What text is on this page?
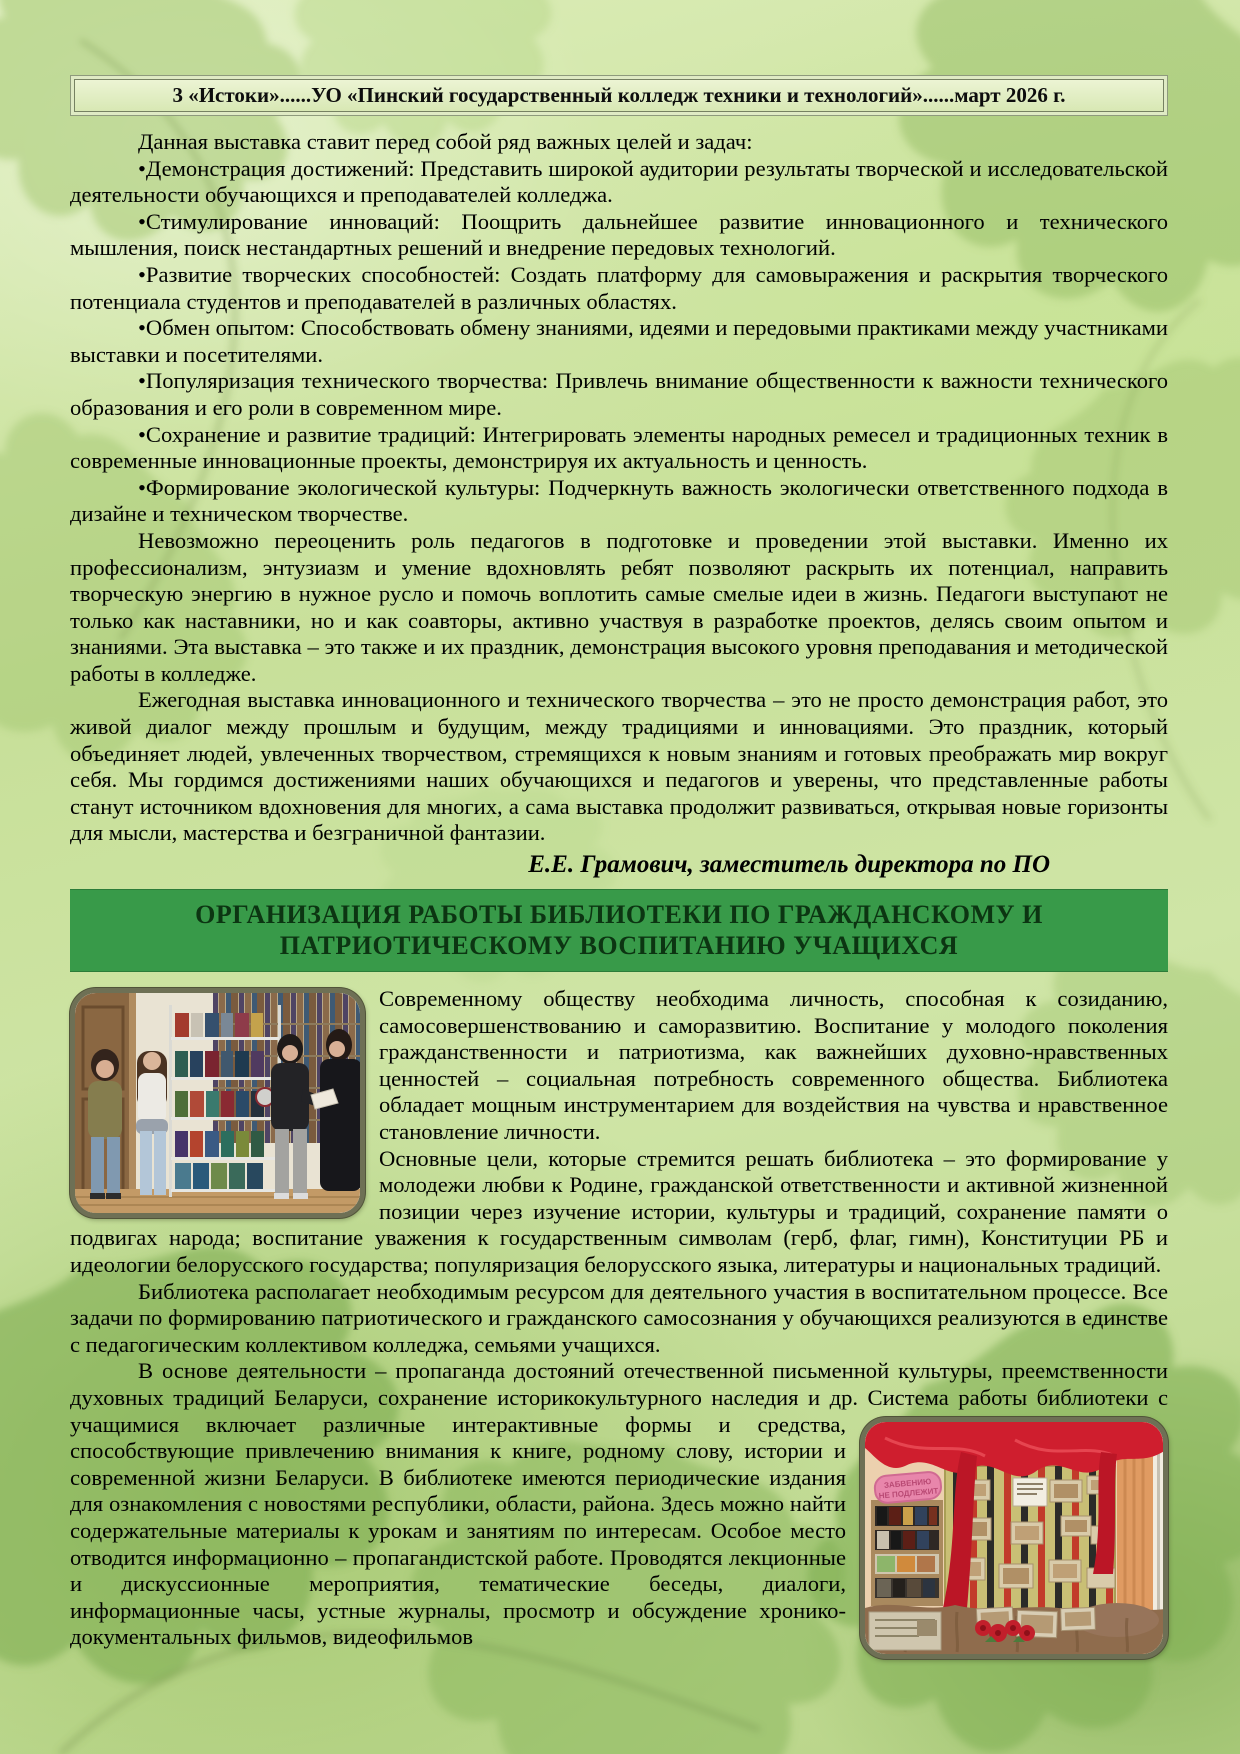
3 «Истоки»......УО «Пинский государственный колледж техники и технологий»......март 2026 г.

Данная выставка ставит перед собой ряд важных целей и задач:

•Демонстрация достижений: Представить широкой аудитории результаты творческой и исследовательской деятельности обучающихся и преподавателей колледжа.

•Стимулирование инноваций: Поощрить дальнейшее развитие инновационного и технического мышления, поиск нестандартных решений и внедрение передовых технологий.

•Развитие творческих способностей: Создать платформу для самовыражения и раскрытия творческого потенциала студентов и преподавателей в различных областях.

•Обмен опытом: Способствовать обмену знаниями, идеями и передовыми практиками между участниками выставки и посетителями.

•Популяризация технического творчества: Привлечь внимание общественности к важности технического образования и его роли в современном мире.

•Сохранение и развитие традиций: Интегрировать элементы народных ремесел и традиционных техник в современные инновационные проекты, демонстрируя их актуальность и ценность.

•Формирование экологической культуры: Подчеркнуть важность экологически ответственного подхода в дизайне и техническом творчестве.

Невозможно переоценить роль педагогов в подготовке и проведении этой выставки. Именно их профессионализм, энтузиазм и умение вдохновлять ребят позволяют раскрыть их потенциал, направить творческую энергию в нужное русло и помочь воплотить самые смелые идеи в жизнь. Педагоги выступают не только как наставники, но и как соавторы, активно участвуя в разработке проектов, делясь своим опытом и знаниями. Эта выставка – это также и их праздник, демонстрация высокого уровня преподавания и методической работы в колледже.

Ежегодная выставка инновационного и технического творчества – это не просто демонстрация работ, это живой диалог между прошлым и будущим, между традициями и инновациями. Это праздник, который объединяет людей, увлеченных творчеством, стремящихся к новым знаниям и готовых преображать мир вокруг себя. Мы гордимся достижениями наших обучающихся и педагогов и уверены, что представленные работы станут источником вдохновения для многих, а сама выставка продолжит развиваться, открывая новые горизонты для мысли, мастерства и безграничной фантазии.

Е.Е. Грамович, заместитель директора по ПО
ОРГАНИЗАЦИЯ РАБОТЫ БИБЛИОТЕКИ ПО ГРАЖДАНСКОМУ И
ПАТРИОТИЧЕСКОМУ ВОСПИТАНИЮ УЧАЩИХСЯ

Современному обществу необходима личность, способная к созиданию, самосовершенствованию и саморазвитию. Воспитание у молодого поколения гражданственности и патриотизма, как важнейших духовно-нравственных ценностей – социальная потребность современного общества. Библиотека обладает мощным инструментарием для воздействия на чувства и нравственное становление личности.

Основные цели, которые стремится решать библиотека – это формирование у молодежи любви к Родине, гражданской ответственности и активной жизненной позиции через изучение истории, культуры и традиций, сохранение памяти о подвигах народа; воспитание уважения к государственным символам (герб, флаг, гимн), Конституции РБ и идеологии белорусского государства; популяризация белорусского языка, литературы и национальных традиций.

Библиотека располагает необходимым ресурсом для деятельного участия в воспитательном процессе. Все задачи по формированию патриотического и гражданского самосознания у обучающихся реализуются в единстве с педагогическим коллективом колледжа, семьями учащихся.

В основе деятельности – пропаганда достояний отечественной письменной культуры, преемственности духовных традиций Беларуси, сохранение историкокультурного наследия и др. Система
ЗАБВЕНИЮ
НЕ ПОДЛЕЖИТ
работы библиотеки с учащимися включает различные интерактивные формы и средства, способствующие привлечению внимания к книге, родному слову, истории и современной жизни Беларуси. В библиотеке имеются периодические издания для ознакомления с новостями республики, области, района. Здесь можно найти содержательные материалы к урокам и занятиям по интересам. Особое место отводится информационно – пропагандистской работе. Проводятся лекционные и дискуссионные мероприятия, тематические беседы, диалоги, информационные часы, устные журналы, просмотр и обсуждение хронико-документальных фильмов, видеофильмов
